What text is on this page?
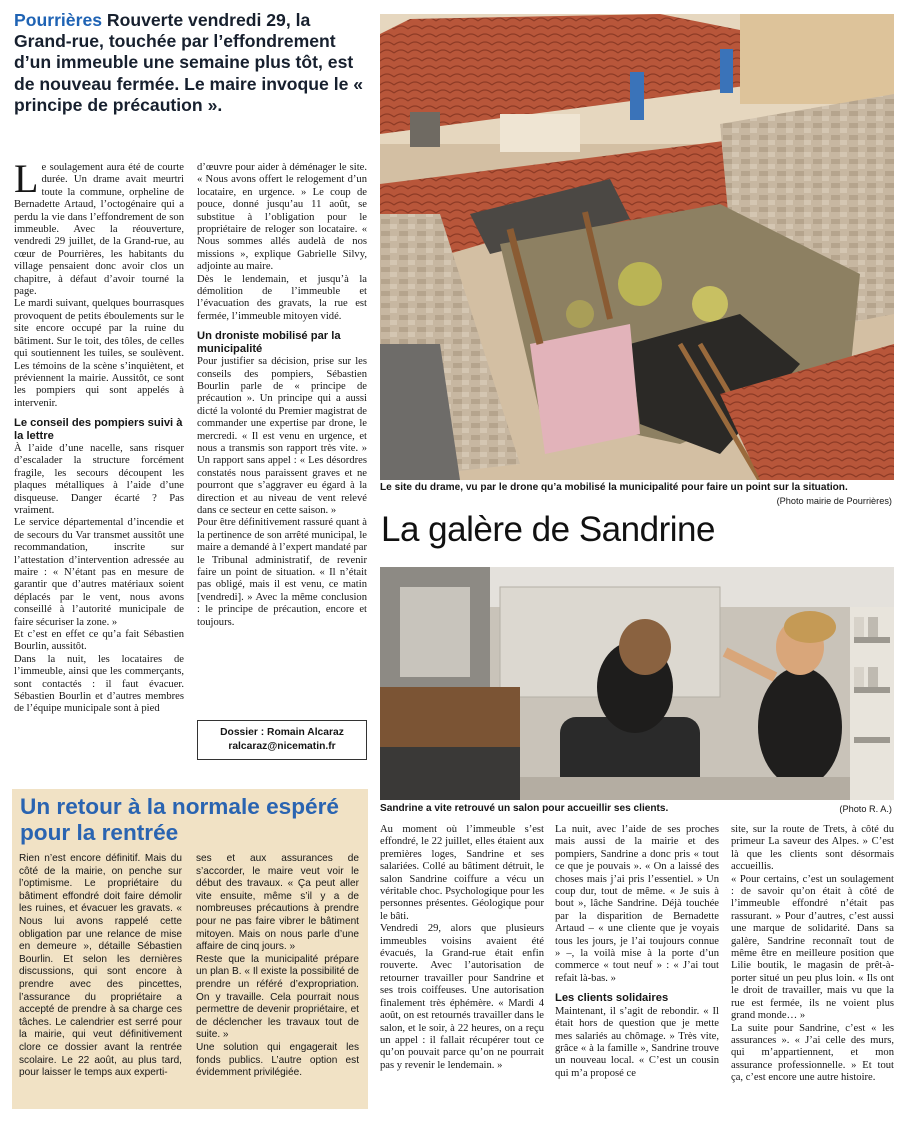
Pourrières Rouverte vendredi 29, la Grand-rue, touchée par l’effondrement d’un immeuble une semaine plus tôt, est de nouveau fermée. Le maire invoque le « principe de précaution ».

Le soulagement aura été de courte durée. Un drame avait meurtri toute la commune, orpheline de Bernadette Artaud, l’octogénaire qui a perdu la vie dans l’effondrement de son immeuble. Avec la réouverture, vendredi 29 juillet, de la Grand-rue, au cœur de Pourrières, les habitants du village pensaient donc avoir clos un chapitre, à défaut d’avoir tourné la page.

Le mardi suivant, quelques bourrasques provoquent de petits éboulements sur le site encore occupé par la ruine du bâtiment. Sur le toit, des tôles, de celles qui soutiennent les tuiles, se soulèvent. Les témoins de la scène s’inquiètent, et préviennent la mairie. Aussitôt, ce sont les pompiers qui sont appelés à intervenir.

Le conseil des pompiers suivi à la lettre

À l’aide d’une nacelle, sans risquer d’escalader la structure forcément fragile, les secours découpent les plaques métalliques à l’aide d’une disqueuse. Danger écarté ? Pas vraiment.

Le service départemental d’incendie et de secours du Var transmet aussitôt une recommandation, inscrite sur l’attestation d’intervention adressée au maire : « N’étant pas en mesure de garantir que d’autres matériaux soient déplacés par le vent, nous avons conseillé à l’autorité municipale de faire sécuriser la zone. »

Et c’est en effet ce qu’a fait Sébastien Bourlin, aussitôt.

Dans la nuit, les locataires de l’immeuble, ainsi que les commerçants, sont contactés : il faut évacuer. Sébastien Bourlin et d’autres membres de l’équipe municipale sont à pied

d’œuvre pour aider à déménager le site. « Nous avons offert le relogement d’un locataire, en urgence. » Le coup de pouce, donné jusqu’au 11 août, se substitue à l’obligation pour le propriétaire de reloger son locataire. « Nous sommes allés audelà de nos missions », explique Gabrielle Silvy, adjointe au maire.

Dès le lendemain, et jusqu’à la démolition de l’immeuble et l’évacuation des gravats, la rue est fermée, l’immeuble mitoyen vidé.

Un droniste mobilisé par la municipalité

Pour justifier sa décision, prise sur les conseils des pompiers, Sébastien Bourlin parle de « principe de précaution ». Un principe qui a aussi dicté la volonté du Premier magistrat de commander une expertise par drone, le mercredi. « Il est venu en urgence, et nous a transmis son rapport très vite. » Un rapport sans appel : « Les désordres constatés nous paraissent graves et ne pourront que s’aggraver eu égard à la direction et au niveau de vent relevé dans ce secteur en cette saison. »

Pour être définitivement rassuré quant à la pertinence de son arrêté municipal, le maire a demandé à l’expert mandaté par le Tribunal administratif, de revenir faire un point de situation. « Il n’était pas obligé, mais il est venu, ce matin [vendredi]. » Avec la même conclusion : le principe de précaution, encore et toujours.

Dossier : Romain Alcaraz
ralcaraz@nicematin.fr
Le site du drame, vu par le drone qu’a mobilisé la municipalité pour faire un point sur la situation.
(Photo mairie de Pourrières)
La galère de Sandrine
Sandrine a vite retrouvé un salon pour accueillir ses clients.	(Photo R. A.)

Au moment où l’immeuble s’est effondré, le 22 juillet, elles étaient aux premières loges, Sandrine et ses salariées. Collé au bâtiment détruit, le salon Sandrine coiffure a vécu un véritable choc. Psychologique pour les personnes présentes. Géologique pour le bâti.

Vendredi 29, alors que plusieurs immeubles voisins avaient été évacués, la Grand-rue était enfin rouverte. Avec l’autorisation de retourner travailler pour Sandrine et ses trois coiffeuses. Une autorisation finalement très éphémère. « Mardi 4 août, on est retournés travailler dans le salon, et le soir, à 22 heures, on a reçu un appel : il fallait récupérer tout ce qu’on pouvait parce qu’on ne pourrait pas y revenir le lendemain. »

La nuit, avec l’aide de ses proches mais aussi de la mairie et des pompiers, Sandrine a donc pris « tout ce que je pouvais ». « On a laissé des choses mais j’ai pris l’essentiel. » Un coup dur, tout de même. « Je suis à bout », lâche Sandrine. Déjà touchée par la disparition de Bernadette Artaud – « une cliente que je voyais tous les jours, je l’ai toujours connue » –, la voilà mise à la porte d’un commerce « tout neuf » : « J’ai tout refait là-bas. »

Les clients solidaires

Maintenant, il s’agit de rebondir. « Il était hors de question que je mette mes salariés au chômage. » Très vite, grâce « à la famille », Sandrine trouve un nouveau local. « C’est un cousin qui m’a proposé ce

site, sur la route de Trets, à côté du primeur La saveur des Alpes. » C’est là que les clients sont désormais accueillis.

« Pour certains, c’est un soulagement : de savoir qu’on était à côté de l’immeuble effondré n’était pas rassurant. » Pour d’autres, c’est aussi une marque de solidarité. Dans sa galère, Sandrine reconnaît tout de même être en meilleure position que Lilie boutik, le magasin de prêt-à-porter situé un peu plus loin. « Ils ont le droit de travailler, mais vu que la rue est fermée, ils ne voient plus grand monde… »

La suite pour Sandrine, c’est « les assurances ». « J’ai celle des murs, qui m’appartiennent, et mon assurance professionnelle. » Et tout ça, c’est encore une autre histoire.

Un retour à la normale espéré pour la rentrée

Rien n’est encore définitif. Mais du côté de la mairie, on penche sur l’optimisme. Le propriétaire du bâtiment effondré doit faire démolir les ruines, et évacuer les gravats. « Nous lui avons rappelé cette obligation par une relance de mise en demeure », détaille Sébastien Bourlin. Et selon les dernières discussions, qui sont encore à prendre avec des pincettes, l’assurance du propriétaire a accepté de prendre à sa charge ces tâches. Le calendrier est serré pour la mairie, qui veut définitivement clore ce dossier avant la rentrée scolaire. Le 22 août, au plus tard, pour laisser le temps aux experti-

ses et aux assurances de s’accorder, le maire veut voir le début des travaux. « Ça peut aller vite ensuite, même s’il y a de nombreuses précautions à prendre pour ne pas faire vibrer le bâtiment mitoyen. Mais on nous parle d’une affaire de cinq jours. »

Reste que la municipalité prépare un plan B. « Il existe la possibilité de prendre un référé d’expropriation. On y travaille. Cela pourrait nous permettre de devenir propriétaire, et de déclencher les travaux tout de suite. »

Une solution qui engagerait les fonds publics. L’autre option est évidemment privilégiée.
